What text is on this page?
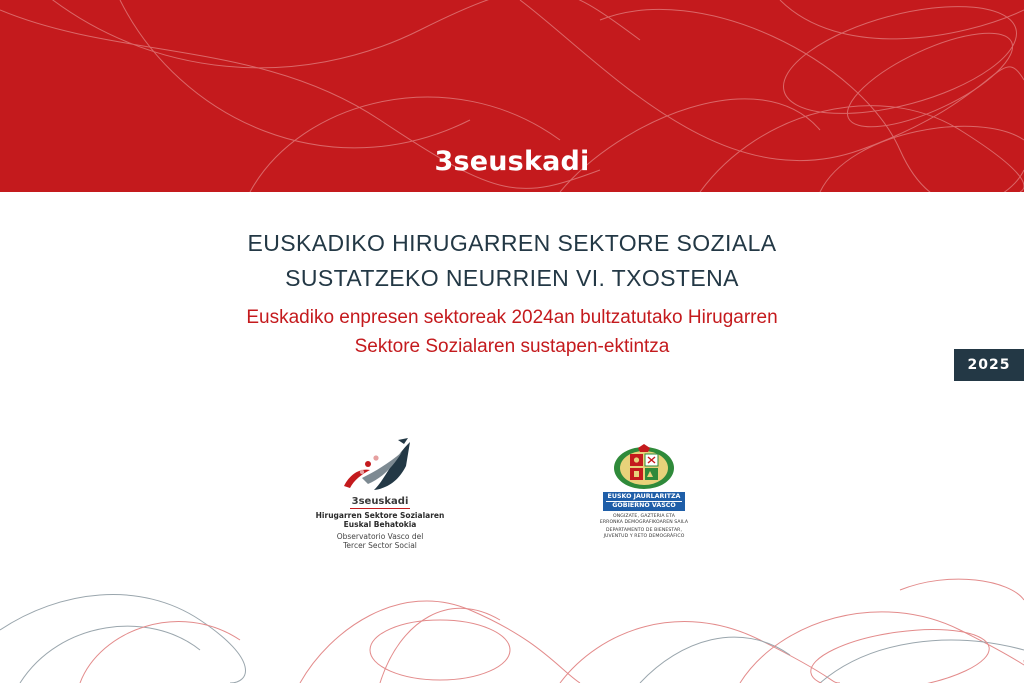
3seuskadi
EUSKADIKO HIRUGARREN SEKTORE SOZIALA
SUSTATZEKO NEURRIEN VI. TXOSTENA
Euskadiko enpresen sektoreak 2024an bultzatutako Hirugarren
Sektore Sozialaren sustapen-ektintza
2025
3seuskadi
Hirugarren Sektore Sozialaren
Euskal Behatokia
Observatorio Vasco del
Tercer Sector Social
EUSKO JAURLARITZA
GOBIERNO VASCO
ONGIZATE, GAZTERIA ETA
ERRONKA DEMOGRAFIKOAREN SAILA
DEPARTAMENTO DE BIENESTAR,
JUVENTUD Y RETO DEMOGRÁFICO
